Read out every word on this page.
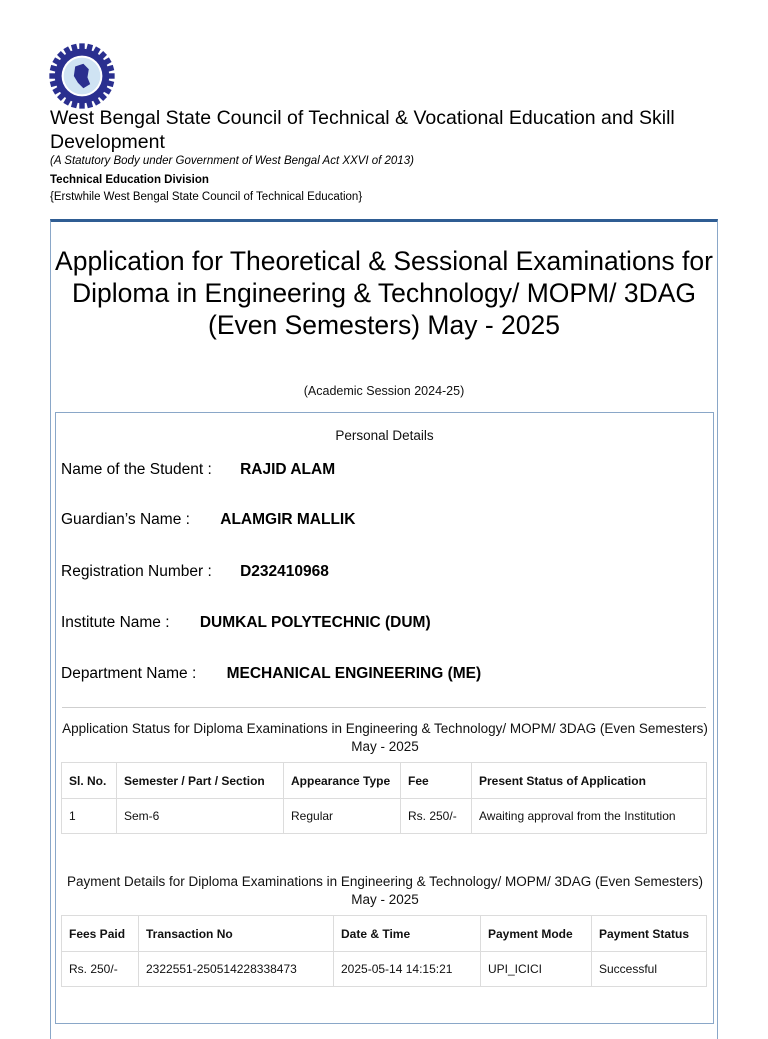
West Bengal State Council of Technical & Vocational Education and Skill Development
(A Statutory Body under Government of West Bengal Act XXVI of 2013)
Technical Education Division
{Erstwhile West Bengal State Council of Technical Education}
Application for Theoretical & Sessional Examinations for Diploma in Engineering & Technology/ MOPM/ 3DAG (Even Semesters) May - 2025
(Academic Session 2024-25)
Personal Details
Name of the Student : RAJID ALAM
Guardian’s Name : ALAMGIR MALLIK
Registration Number : D232410968
Institute Name : DUMKAL POLYTECHNIC (DUM)
Department Name : MECHANICAL ENGINEERING (ME)
Application Status for Diploma Examinations in Engineering & Technology/ MOPM/ 3DAG (Even Semesters) May - 2025
Sl. No.	Semester / Part / Section	Appearance Type	Fee	Present Status of Application
1	Sem-6	Regular	Rs. 250/-	Awaiting approval from the Institution
Payment Details for Diploma Examinations in Engineering & Technology/ MOPM/ 3DAG (Even Semesters) May - 2025
Fees Paid	Transaction No	Date & Time	Payment Mode	Payment Status
Rs. 250/-	2322551-250514228338473	2025-05-14 14:15:21	UPI_ICICI	Successful
